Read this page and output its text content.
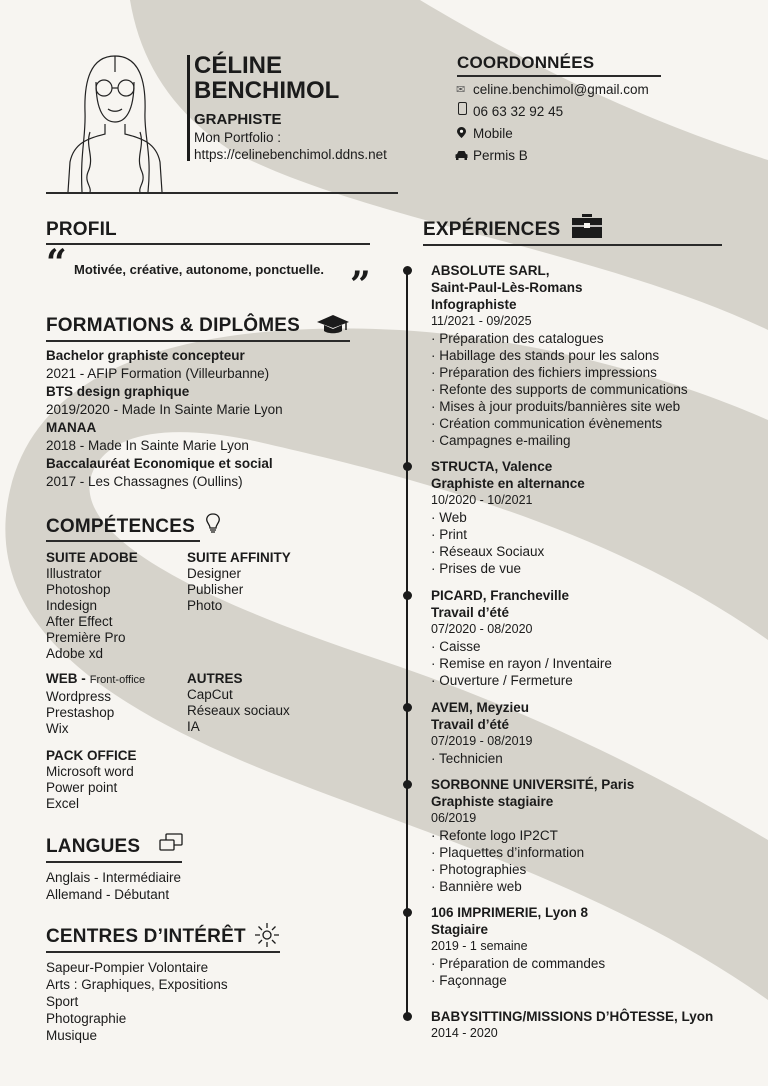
CÉLINE
BENCHIMOL
GRAPHISTE
Mon Portfolio :
https://celinebenchimol.ddns.net
COORDONNÉES
✉ celine.benchimol@gmail.com
06 63 32 92 45
Mobile
Permis B
PROFIL
“ Motivée, créative, autonome, ponctuelle. ”
FORMATIONS & DIPLÔMES
Bachelor graphiste concepteur
2021 - AFIP Formation (Villeurbanne)
BTS design graphique
2019/2020 - Made In Sainte Marie Lyon
MANAA
2018 - Made In Sainte Marie Lyon
Baccalauréat Economique et social
2017 - Les Chassagnes (Oullins)
COMPÉTENCES
SUITE ADOBE
Illustrator
Photoshop
Indesign
After Effect
Première Pro
Adobe xd
SUITE AFFINITY
Designer
Publisher
Photo
WEB - Front-office
Wordpress
Prestashop
Wix
AUTRES
CapCut
Réseaux sociaux
IA
PACK OFFICE
Microsoft word
Power point
Excel
LANGUES
Anglais - Intermédiaire
Allemand - Débutant
CENTRES D’INTÉRÊT
Sapeur-Pompier Volontaire
Arts : Graphiques, Expositions
Sport
Photographie
Musique
EXPÉRIENCES
ABSOLUTE SARL,
Saint-Paul-Lès-Romans
Infographiste
11/2021 - 09/2025
· Préparation des catalogues
· Habillage des stands pour les salons
· Préparation des fichiers impressions
· Refonte des supports de communications
· Mises à jour produits/bannières site web
· Création communication évènements
· Campagnes e-mailing
STRUCTA, Valence
Graphiste en alternance
10/2020 - 10/2021
· Web
· Print
· Réseaux Sociaux
· Prises de vue
PICARD, Francheville
Travail d’été
07/2020 - 08/2020
· Caisse
· Remise en rayon / Inventaire
· Ouverture / Fermeture
AVEM, Meyzieu
Travail d’été
07/2019 - 08/2019
· Technicien
SORBONNE UNIVERSITÉ, Paris
Graphiste stagiaire
06/2019
· Refonte logo IP2CT
· Plaquettes d’information
· Photographies
· Bannière web
106 IMPRIMERIE, Lyon 8
Stagiaire
2019 - 1 semaine
· Préparation de commandes
· Façonnage
BABYSITTING/MISSIONS D’HÔTESSE, Lyon
2014 - 2020
